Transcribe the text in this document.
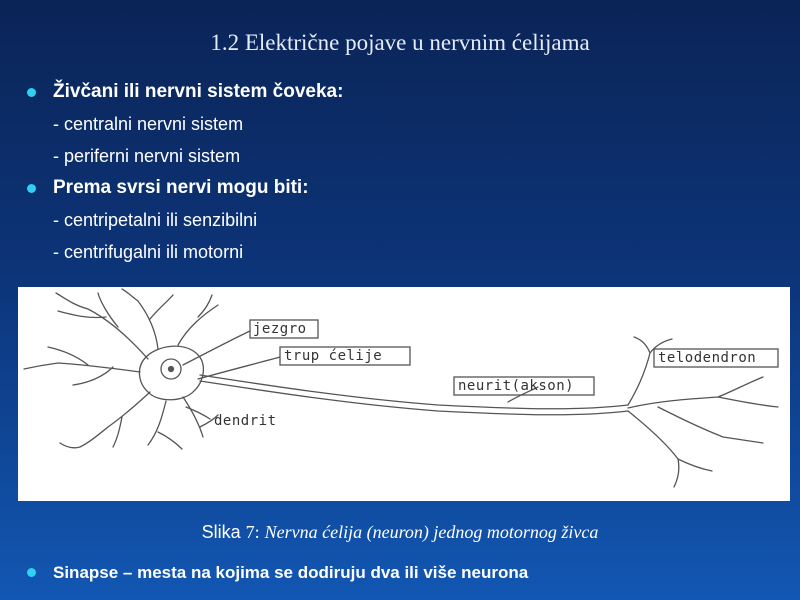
1.2 Električne pojave u nervnim ćelijama
Živčani ili nervni sistem čoveka:
- centralni nervni sistem
- periferni nervni sistem
Prema svrsi nervi mogu biti:
- centripetalni ili senzibilni
- centrifugalni ili motorni
jezgro
trup ćelije
neurit(akson)
telodendron
dendrit
Slika 7: Nervna ćelija (neuron) jednog motornog živca
Sinapse – mesta na kojima se dodiruju dva ili više neurona
